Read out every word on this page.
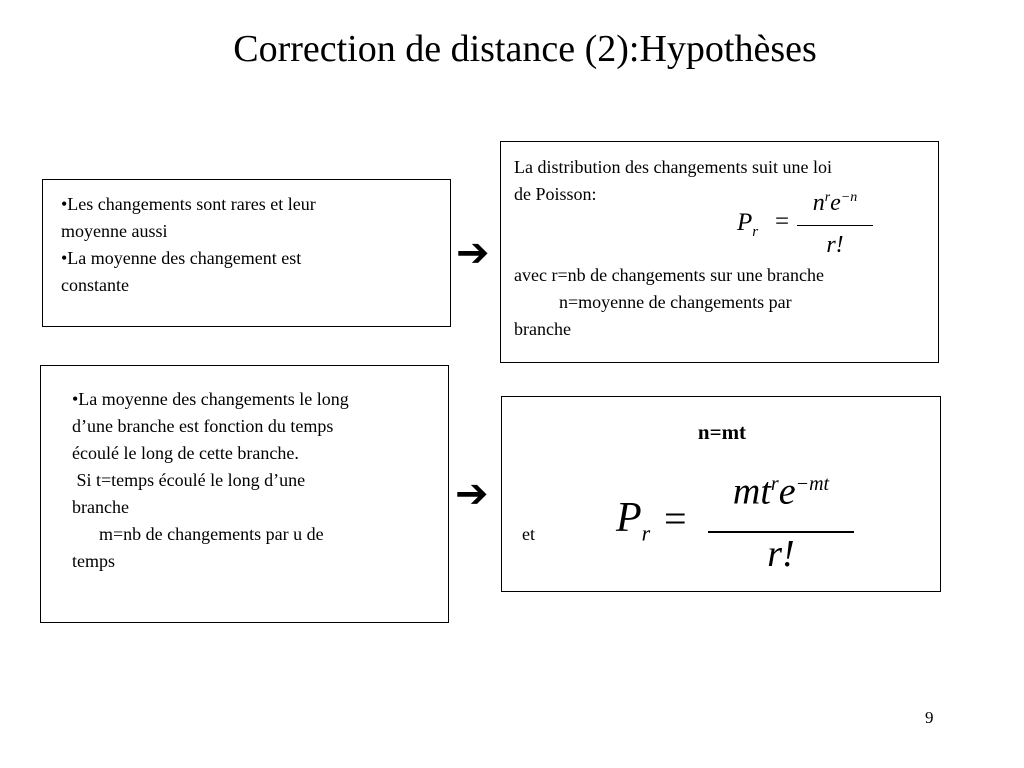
Correction de distance (2):Hypothèses
•Les changements sont rares et leur
moyenne aussi
•La moyenne des changement est
constante
➔
La distribution des changements suit une loi
de Poisson:
$P_r$ =
$n^re^{-n}$
r!
avec r=nb de changements sur une branche
n=moyenne de changements par
branche
•La moyenne des changements le long
d’une branche est fonction du temps
écoulé le long de cette branche.
Si t=temps écoulé le long d’une
branche
m=nb de changements par u de
temps
➔
n=mt
et $P_r$ =
$mt^re^{-mt}$
r!
9
